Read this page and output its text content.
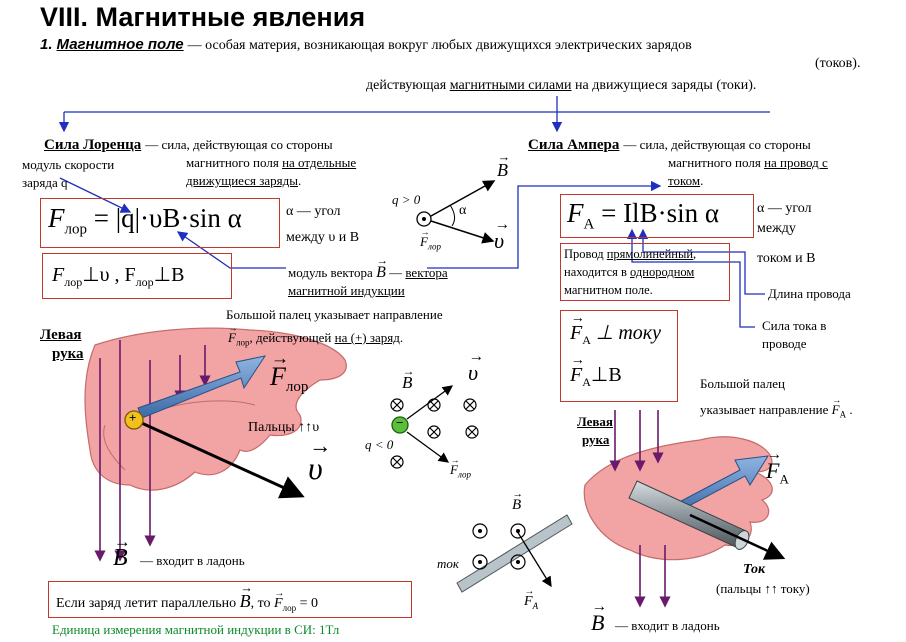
VIII. Магнитные явления
1. Магнитное поле — особая материя, возникающая вокруг любых движущихся электрических зарядов
(токов).
действующая магнитными силами на движущиеся заряды (токи).
Сила Лоренца — сила, действующая со стороны
магнитного поля на отдельные
движущиеся заряды.
модуль скорости
заряда q
$F_{лор} = |q|\cdot\upsilon B\cdot\sin$ α	α — угол
между υ и B
$F_{лор}\perp\upsilon$ , $F_{лор}\perp B$	модуль вектора → B — вектора
магнитной индукции
q > 0
α
→ B
→ υ
→ $F_{лор}$
Большой палец указывает направление
→ $F_{лор}$, действующей на (+) заряд.
Левая
рука
+
→ $F_{лор}$
Пальцы ↑↑υ
→ υ
→ B — входит в ладонь
Если заряд летит параллельно → B, то → $F_{лор} = 0$
Единица измерения магнитной индукции в СИ: 1Тл
→ B
→	υ
q < 0
−
→ $F_{лор}$
Сила Ампера — сила, действующая со стороны
магнитного поля на провод с
током.
$F_A = IlB\cdot\sin$ α	α — угол
между
током и B
Провод прямолинейный,
находится в однородном
магнитном поле.	Длина провода
Сила тока в
проводе
→ $F_A$ ⊥ току
→ $F_A\perp B$	Большой палец
указывает направление → $F_A$ .
Левая
рука
→ $F_A$
Ток
(пальцы ↑↑ току)
→ B — входит в ладонь
→ B
ток
→ $F_A$
